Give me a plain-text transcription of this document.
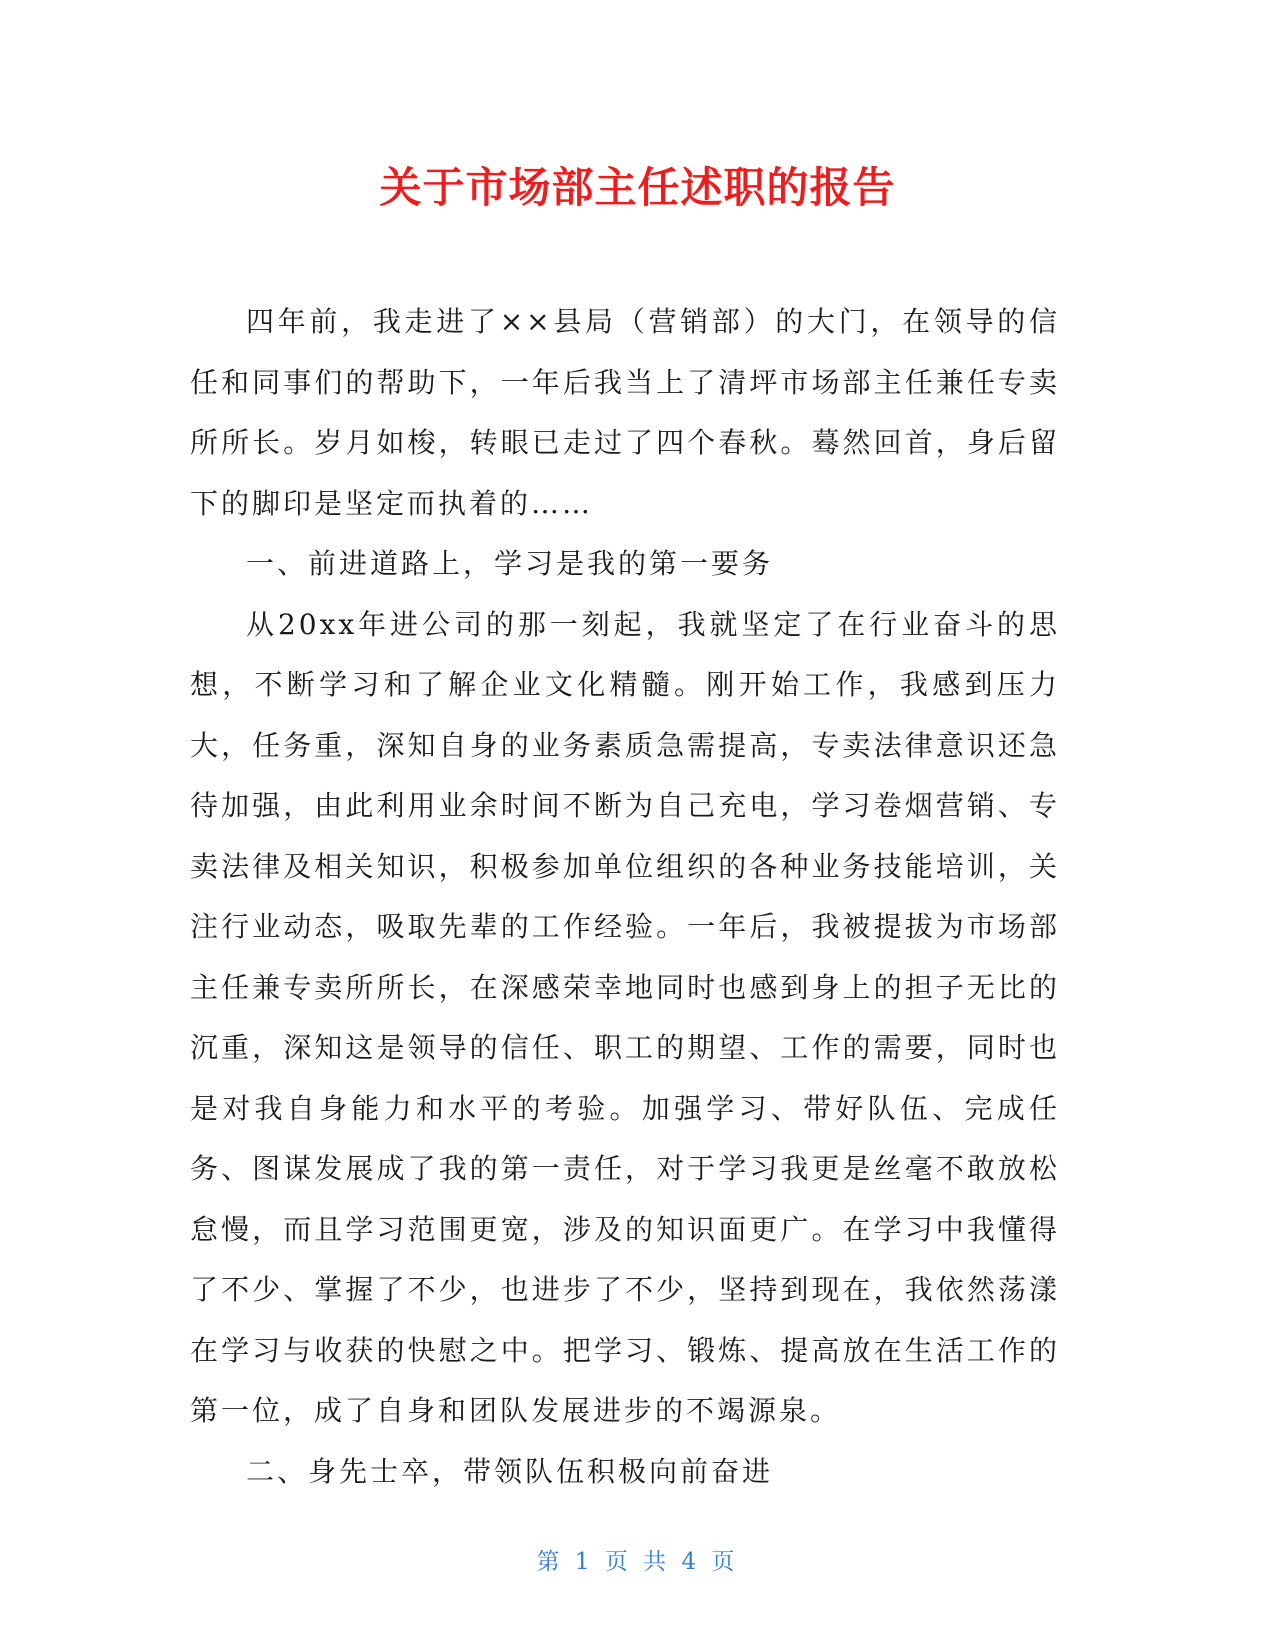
关于市场部主任述职的报告

四年前，我走进了××县局（营销部）的大门，在领导的信任和同事们的帮助下，一年后我当上了清坪市场部主任兼任专卖所所长。岁月如梭，转眼已走过了四个春秋。蓦然回首，身后留下的脚印是坚定而执着的……

一、前进道路上，学习是我的第一要务

从20xx年进公司的那一刻起，我就坚定了在行业奋斗的思想，不断学习和了解企业文化精髓。刚开始工作，我感到压力大，任务重，深知自身的业务素质急需提高，专卖法律意识还急待加强，由此利用业余时间不断为自己充电，学习卷烟营销、专卖法律及相关知识，积极参加单位组织的各种业务技能培训，关注行业动态，吸取先辈的工作经验。一年后，我被提拔为市场部主任兼专卖所所长，在深感荣幸地同时也感到身上的担子无比的沉重，深知这是领导的信任、职工的期望、工作的需要，同时也是对我自身能力和水平的考验。加强学习、带好队伍、完成任务、图谋发展成了我的第一责任，对于学习我更是丝毫不敢放松怠慢，而且学习范围更宽，涉及的知识面更广。在学习中我懂得了不少、掌握了不少，也进步了不少，坚持到现在，我依然荡漾在学习与收获的快慰之中。把学习、锻炼、提高放在生活工作的第一位，成了自身和团队发展进步的不竭源泉。

二、身先士卒，带领队伍积极向前奋进

第 1 页 共 4 页
